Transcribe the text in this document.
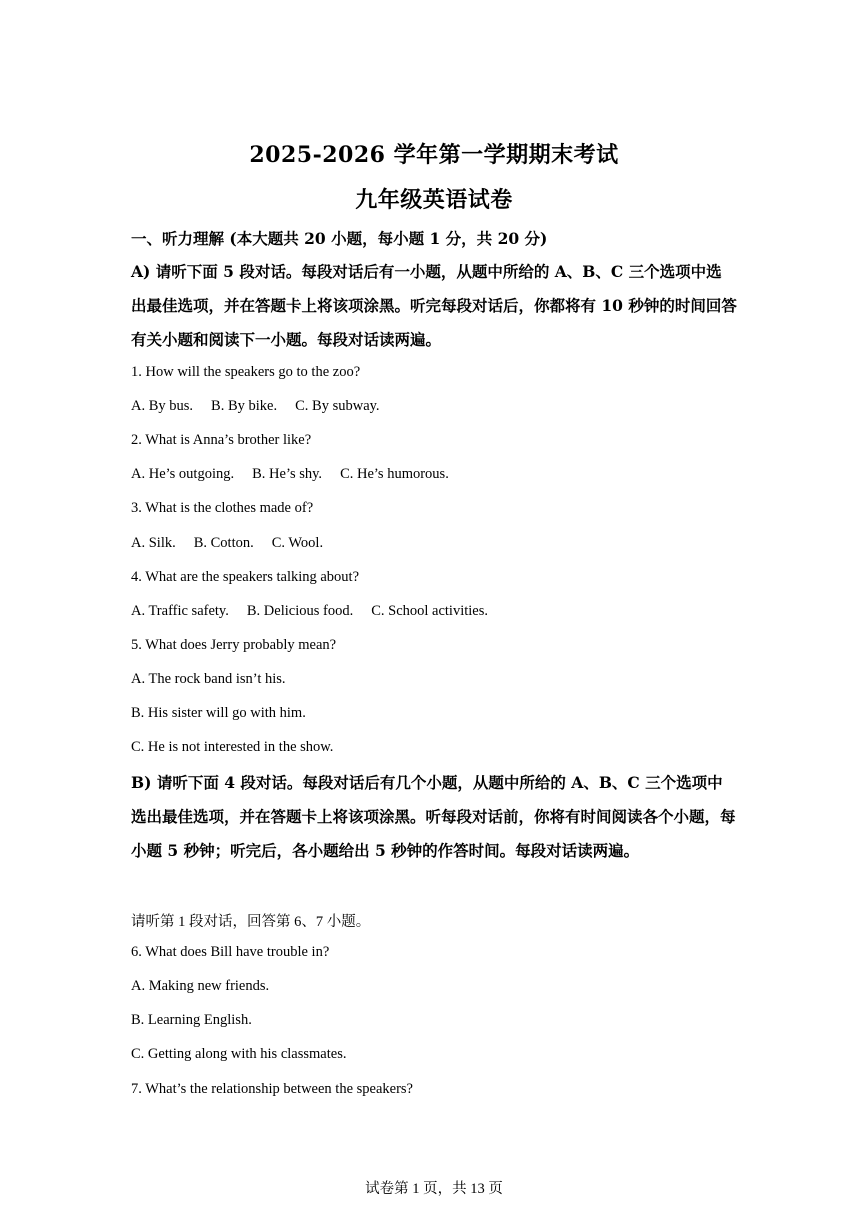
2025-2026 学年第一学期期末考试
九年级英语试卷
一、听力理解 (本大题共 20 小题，每小题 1 分，共 20 分)
A) 请听下面 5 段对话。每段对话后有一小题，从题中所给的 A、B、C 三个选项中选出最佳选项，并在答题卡上将该项涂黑。听完每段对话后，你都将有 10 秒钟的时间回答有关小题和阅读下一小题。每段对话读两遍。
1. How will the speakers go to the zoo?
A. By bus. B. By bike. C. By subway.
2. What is Anna’s brother like?
A. He’s outgoing. B. He’s shy. C. He’s humorous.
3. What is the clothes made of?
A. Silk. B. Cotton. C. Wool.
4. What are the speakers talking about?
A. Traffic safety. B. Delicious food. C. School activities.
5. What does Jerry probably mean?
A. The rock band isn’t his.
B. His sister will go with him.
C. He is not interested in the show.
B) 请听下面 4 段对话。每段对话后有几个小题，从题中所给的 A、B、C 三个选项中选出最佳选项，并在答题卡上将该项涂黑。听每段对话前，你将有时间阅读各个小题，每小题 5 秒钟；听完后，各小题给出 5 秒钟的作答时间。每段对话读两遍。
请听第 1 段对话，回答第 6、7 小题。
6. What does Bill have trouble in?
A. Making new friends.
B. Learning English.
C. Getting along with his classmates.
7. What’s the relationship between the speakers?
试卷第 1 页，共 13 页
